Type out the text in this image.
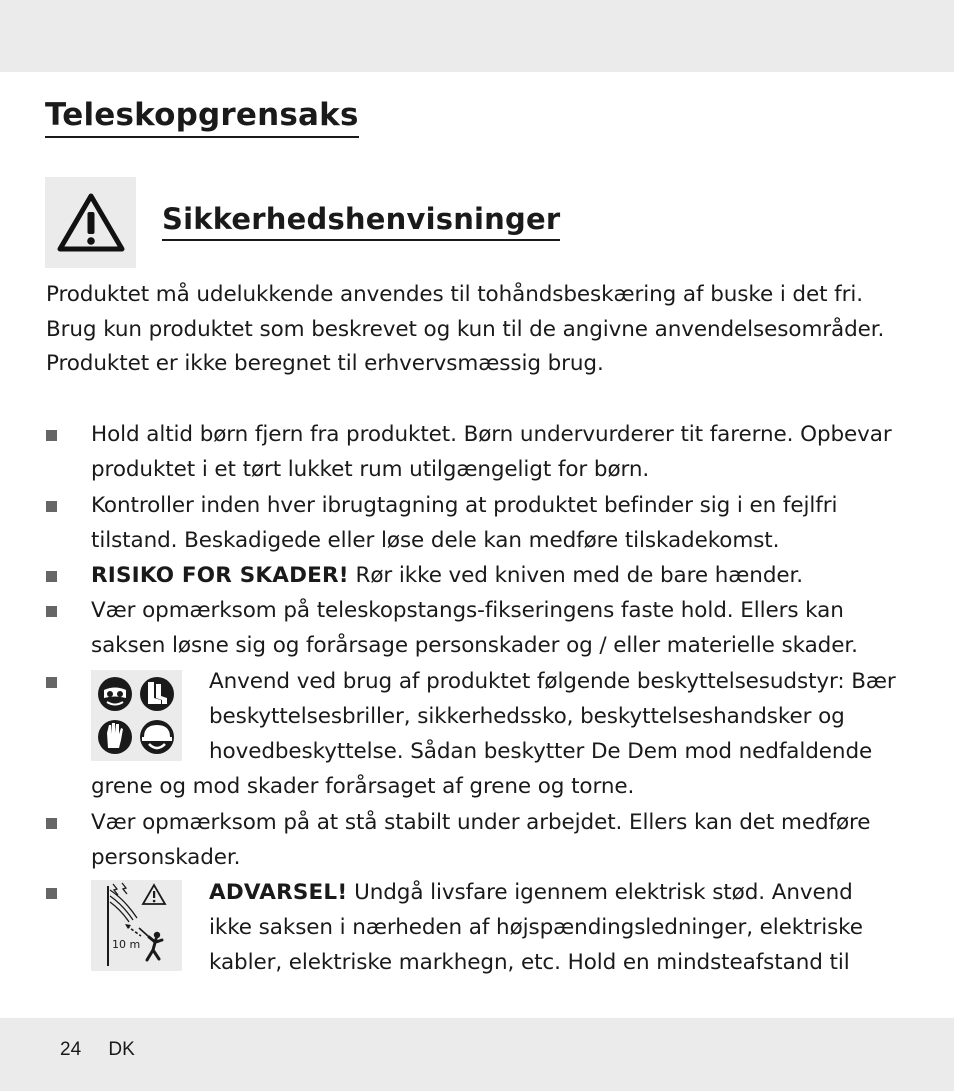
Teleskopgrensaks
Sikkerhedshenvisninger

Produktet må udelukkende anvendes til tohåndsbeskæring af buske i det fri.

Brug kun produktet som beskrevet og kun til de angivne anvendelsesområder.

Produktet er ikke beregnet til erhvervsmæssig brug.

Hold altid børn fjern fra produktet. Børn undervurderer tit farerne. Opbevar
produktet i et tørt lukket rum utilgængeligt for børn.
Kontroller inden hver ibrugtagning at produktet befinder sig i en fejlfri
tilstand. Beskadigede eller løse dele kan medføre tilskadekomst.
RISIKO FOR SKADER! Rør ikke ved kniven med de bare hænder.
Vær opmærksom på teleskopstangs-fikseringens faste hold. Ellers kan
saksen løsne sig og forårsage personskader og / eller materielle skader.
Anvend ved brug af produktet følgende beskyttelsesudstyr: Bær
beskyttelsesbriller, sikkerhedssko, beskyttelseshandsker og
hovedbeskyttelse. Sådan beskytter De Dem mod nedfaldende
grene og mod skader forårsaget af grene og torne.
Vær opmærksom på at stå stabilt under arbejdet. Ellers kan det medføre
personskader.
ADVARSEL! Undgå livsfare igennem elektrisk stød. Anvend
ikke saksen i nærheden af højspændingsledninger, elektriske
kabler, elektriske markhegn, etc. Hold en mindsteafstand til
10 m
24 DK
